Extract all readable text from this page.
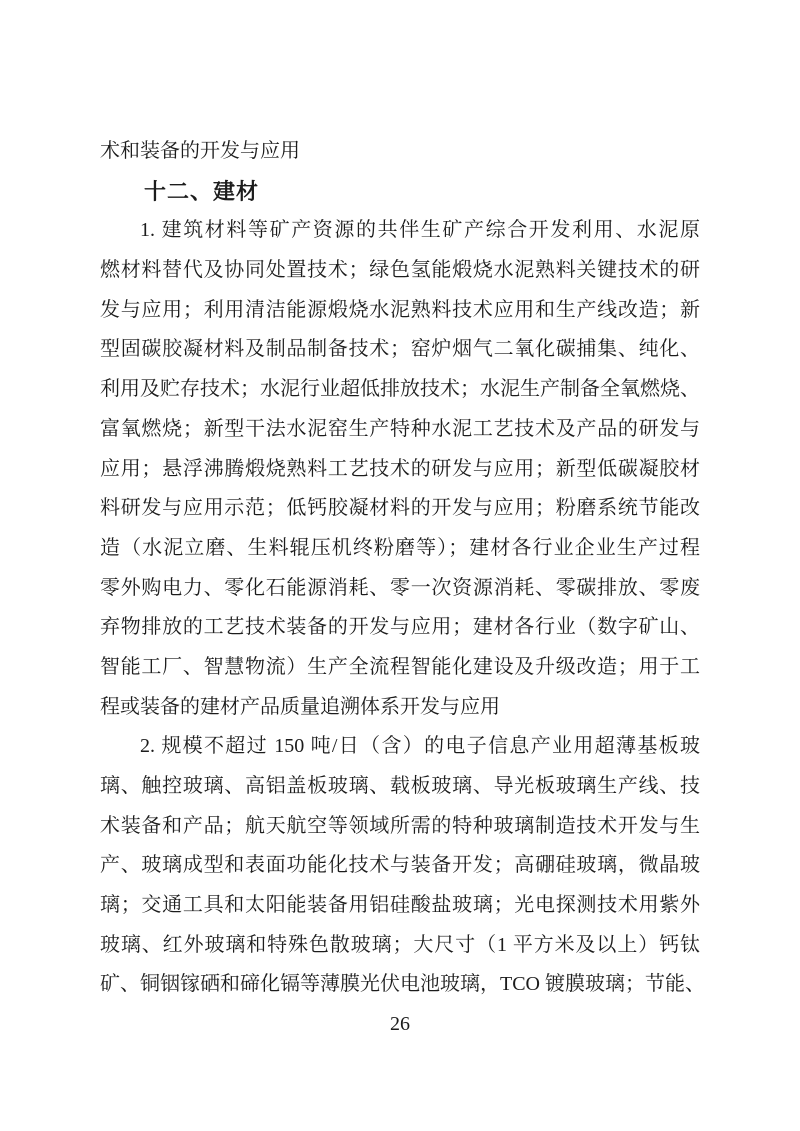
术和装备的开发与应用
十二、建材
1. 建筑材料等矿产资源的共伴生矿产综合开发利用、水泥原
燃材料替代及协同处置技术；绿色氢能煅烧水泥熟料关键技术的研
发与应用；利用清洁能源煅烧水泥熟料技术应用和生产线改造；新
型固碳胶凝材料及制品制备技术；窑炉烟气二氧化碳捕集、纯化、
利用及贮存技术；水泥行业超低排放技术；水泥生产制备全氧燃烧、
富氧燃烧；新型干法水泥窑生产特种水泥工艺技术及产品的研发与
应用；悬浮沸腾煅烧熟料工艺技术的研发与应用；新型低碳凝胶材
料研发与应用示范；低钙胶凝材料的开发与应用；粉磨系统节能改
造（水泥立磨、生料辊压机终粉磨等）；建材各行业企业生产过程
零外购电力、零化石能源消耗、零一次资源消耗、零碳排放、零废
弃物排放的工艺技术装备的开发与应用；建材各行业（数字矿山、
智能工厂、智慧物流）生产全流程智能化建设及升级改造；用于工
程或装备的建材产品质量追溯体系开发与应用
2. 规模不超过 150 吨/日（含）的电子信息产业用超薄基板玻
璃、触控玻璃、高铝盖板玻璃、载板玻璃、导光板玻璃生产线、技
术装备和产品；航天航空等领域所需的特种玻璃制造技术开发与生
产、玻璃成型和表面功能化技术与装备开发；高硼硅玻璃，微晶玻
璃；交通工具和太阳能装备用铝硅酸盐玻璃；光电探测技术用紫外
玻璃、红外玻璃和特殊色散玻璃；大尺寸（1 平方米及以上）钙钛
矿、铜铟镓硒和碲化镉等薄膜光伏电池玻璃，TCO 镀膜玻璃；节能、
26
